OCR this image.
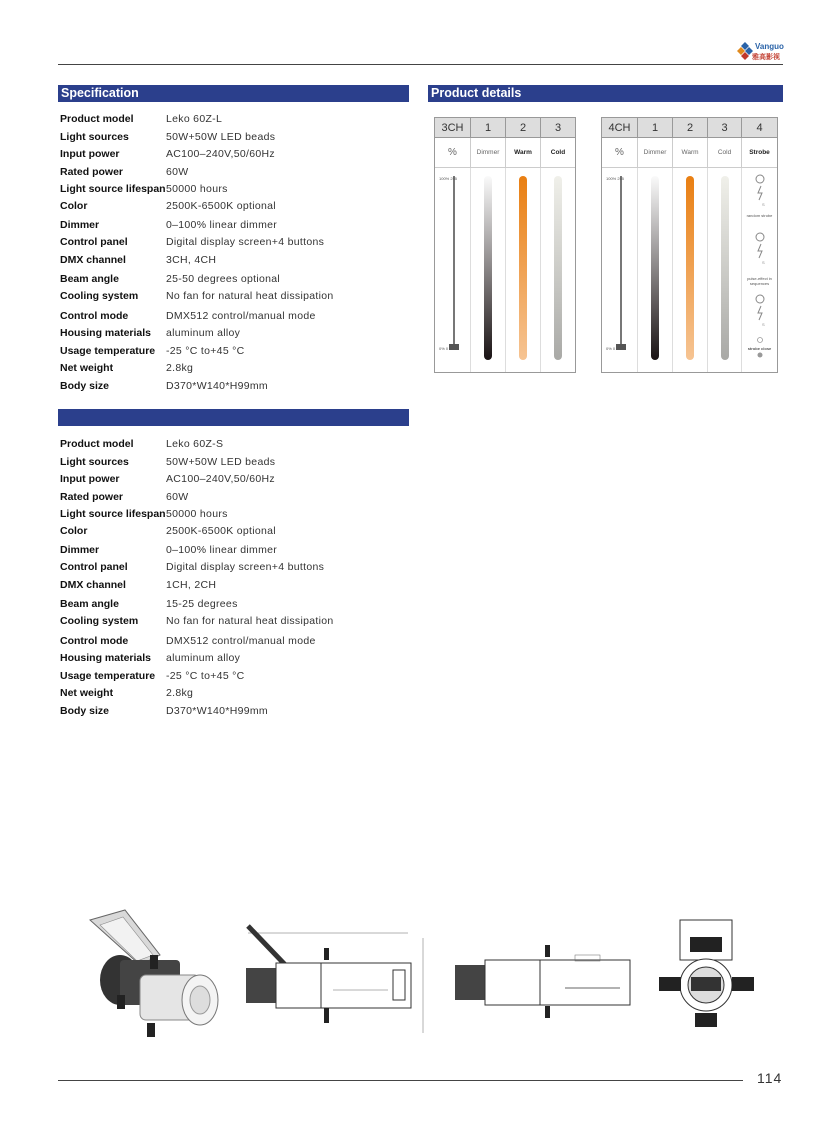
Vanguo
雅高影视
Specification
Product model	Leko 60Z-L
Light sources	50W+50W LED beads
Input power	AC100–240V,50/60Hz
Rated power	60W
Light source lifespan 50000 hours
Color	2500K-6500K optional
Dimmer	0–100% linear dimmer
Control panel	Digital display screen+4 buttons
DMX channel	3CH, 4CH
Beam angle	25-50 degrees optional
Cooling system	No fan for natural heat dissipation
Control mode	DMX512 control/manual mode
Housing materials aluminum alloy
Usage temperature -25 °C to+45 °C
Net weight	2.8kg
Body size	D370*W140*H99mm
Product model	Leko 60Z-S
Light sources	50W+50W LED beads
Input power	AC100–240V,50/60Hz
Rated power	60W
Light source lifespan 50000 hours
Color	2500K-6500K optional
Dimmer	0–100% linear dimmer
Control panel	Digital display screen+4 buttons
DMX channel	1CH, 2CH
Beam angle	15-25 degrees
Cooling system	No fan for natural heat dissipation
Control mode	DMX512 control/manual mode
Housing materials aluminum alloy
Usage temperature -25 °C to+45 °C
Net weight	2.8kg
Body size	D370*W140*H99mm
Product details
3CH	1	2	3
%	Dimmer	Warm	Cold
100% 255
0% 0
4CH	1	2	3	4
%	Dimmer	Warm	Cold	Strobe
100% 255
0% 0
S
random strobe
S
pulse-effect in sequences
S
strobe close
114
